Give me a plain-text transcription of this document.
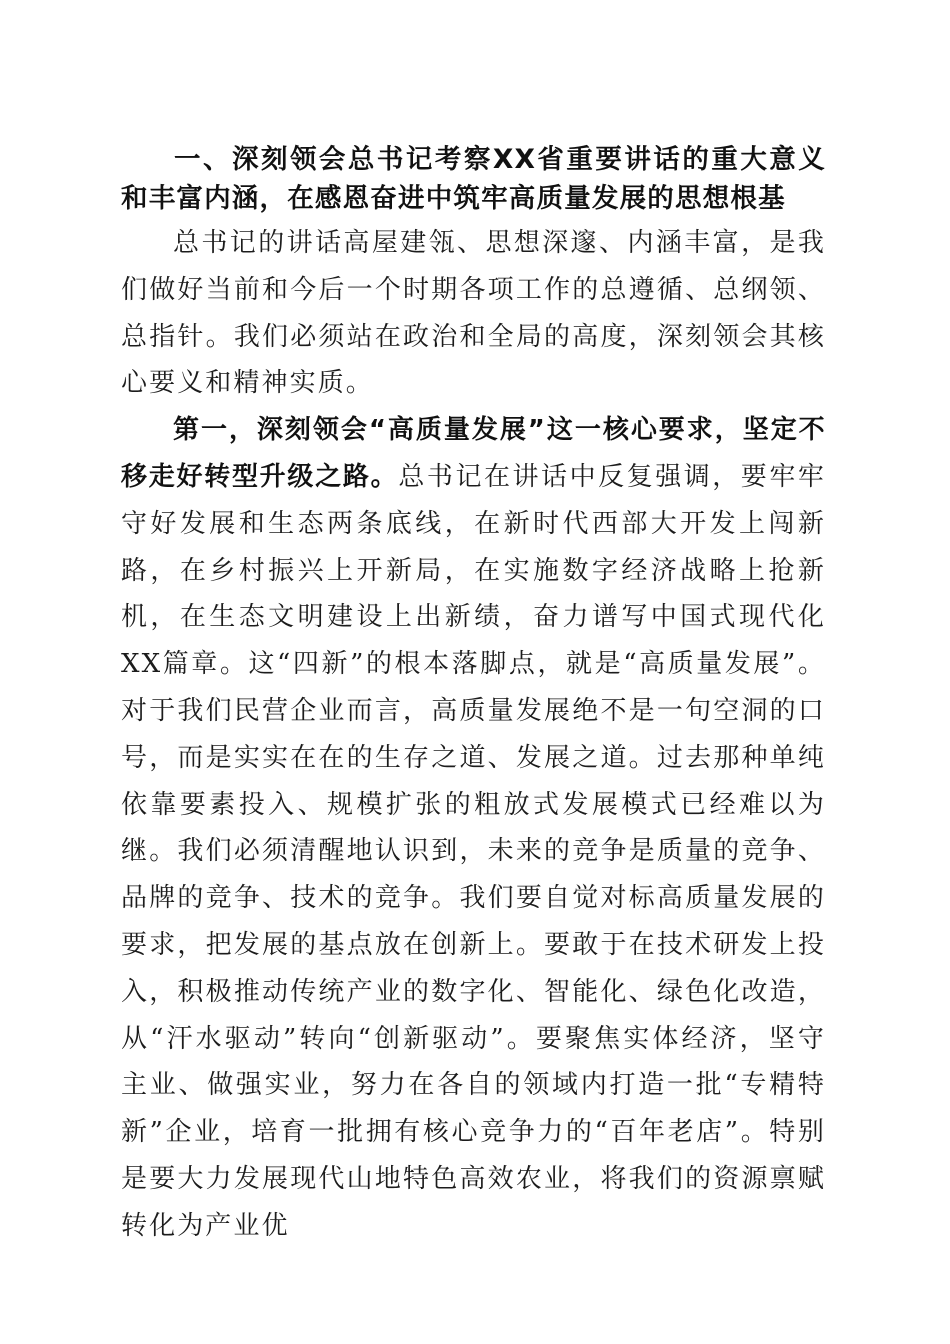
一、深刻领会总书记考察XX省重要讲话的重大意义和丰富内涵，在感恩奋进中筑牢高质量发展的思想根基

总书记的讲话高屋建瓴、思想深邃、内涵丰富，是我们做好当前和今后一个时期各项工作的总遵循、总纲领、总指针。我们必须站在政治和全局的高度，深刻领会其核心要义和精神实质。

第一，深刻领会“高质量发展”这一核心要求，坚定不移走好转型升级之路。总书记在讲话中反复强调，要牢牢守好发展和生态两条底线，在新时代西部大开发上闯新路，在乡村振兴上开新局，在实施数字经济战略上抢新机，在生态文明建设上出新绩，奋力谱写中国式现代化XX篇章。这“四新”的根本落脚点，就是“高质量发展”。对于我们民营企业而言，高质量发展绝不是一句空洞的口号，而是实实在在的生存之道、发展之道。过去那种单纯依靠要素投入、规模扩张的粗放式发展模式已经难以为继。我们必须清醒地认识到，未来的竞争是质量的竞争、品牌的竞争、技术的竞争。我们要自觉对标高质量发展的要求，把发展的基点放在创新上。要敢于在技术研发上投入，积极推动传统产业的数字化、智能化、绿色化改造，从“汗水驱动”转向“创新驱动”。要聚焦实体经济，坚守主业、做强实业，努力在各自的领域内打造一批“专精特新”企业，培育一批拥有核心竞争力的“百年老店”。特别是要大力发展现代山地特色高效农业，将我们的资源禀赋转化为产业优
